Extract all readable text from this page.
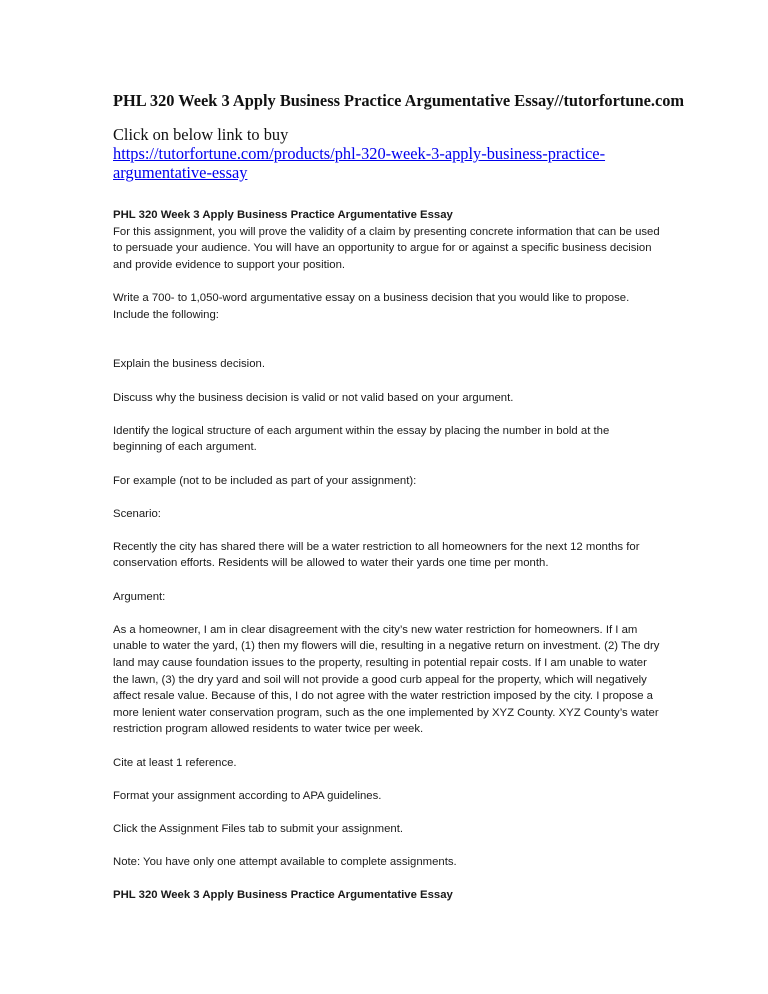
PHL 320 Week 3 Apply Business Practice Argumentative Essay//tutorfortune.com
Click on below link to buy
https://tutorfortune.com/products/phl-320-week-3-apply-business-practice-
argumentative-essay

PHL 320 Week 3 Apply Business Practice Argumentative Essay

For this assignment, you will prove the validity of a claim by presenting concrete information that can be used to persuade your audience. You will have an opportunity to argue for or against a specific business decision and provide evidence to support your position.

Write a 700- to 1,050-word argumentative essay on a business decision that you would like to propose. Include the following:

Explain the business decision.

Discuss why the business decision is valid or not valid based on your argument.

Identify the logical structure of each argument within the essay by placing the number in bold at the beginning of each argument.

For example (not to be included as part of your assignment):

Scenario:

Recently the city has shared there will be a water restriction to all homeowners for the next 12 months for conservation efforts. Residents will be allowed to water their yards one time per month.

Argument:

As a homeowner, I am in clear disagreement with the city’s new water restriction for homeowners. If I am unable to water the yard, (1) then my flowers will die, resulting in a negative return on investment. (2) The dry land may cause foundation issues to the property, resulting in potential repair costs. If I am unable to water the lawn, (3) the dry yard and soil will not provide a good curb appeal for the property, which will negatively affect resale value. Because of this, I do not agree with the water restriction imposed by the city. I propose a more lenient water conservation program, such as the one implemented by XYZ County. XYZ County’s water restriction program allowed residents to water twice per week.

Cite at least 1 reference.

Format your assignment according to APA guidelines.

Click the Assignment Files tab to submit your assignment.

Note: You have only one attempt available to complete assignments.

PHL 320 Week 3 Apply Business Practice Argumentative Essay
